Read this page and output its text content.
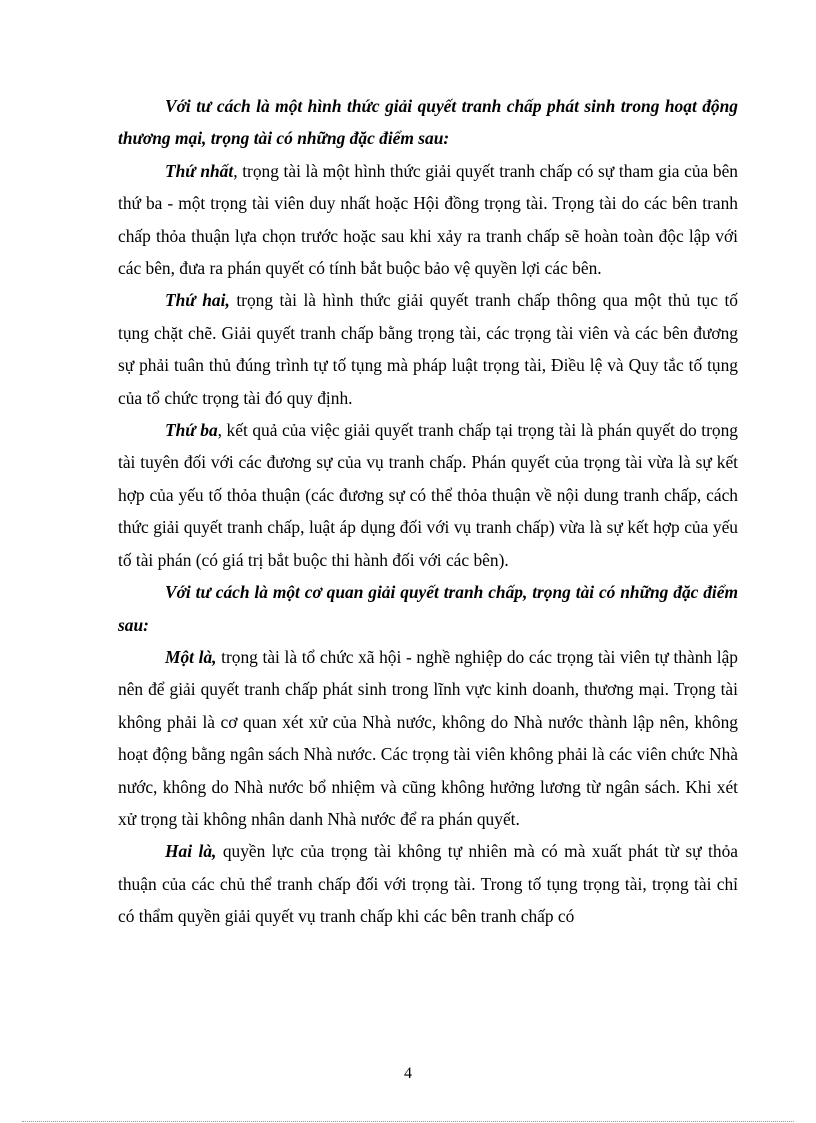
Với tư cách là một hình thức giải quyết tranh chấp phát sinh trong hoạt động thương mại, trọng tài có những đặc điểm sau:

Thứ nhất, trọng tài là một hình thức giải quyết tranh chấp có sự tham gia của bên thứ ba - một trọng tài viên duy nhất hoặc Hội đồng trọng tài. Trọng tài do các bên tranh chấp thỏa thuận lựa chọn trước hoặc sau khi xảy ra tranh chấp sẽ hoàn toàn độc lập với các bên, đưa ra phán quyết có tính bắt buộc bảo vệ quyền lợi các bên.

Thứ hai, trọng tài là hình thức giải quyết tranh chấp thông qua một thủ tục tố tụng chặt chẽ. Giải quyết tranh chấp bằng trọng tài, các trọng tài viên và các bên đương sự phải tuân thủ đúng trình tự tố tụng mà pháp luật trọng tài, Điều lệ và Quy tắc tố tụng của tổ chức trọng tài đó quy định.

Thứ ba, kết quả của việc giải quyết tranh chấp tại trọng tài là phán quyết do trọng tài tuyên đối với các đương sự của vụ tranh chấp. Phán quyết của trọng tài vừa là sự kết hợp của yếu tố thỏa thuận (các đương sự có thể thỏa thuận về nội dung tranh chấp, cách thức giải quyết tranh chấp, luật áp dụng đối với vụ tranh chấp) vừa là sự kết hợp của yếu tố tài phán (có giá trị bắt buộc thi hành đối với các bên).

Với tư cách là một cơ quan giải quyết tranh chấp, trọng tài có những đặc điểm sau:

Một là, trọng tài là tổ chức xã hội - nghề nghiệp do các trọng tài viên tự thành lập nên để giải quyết tranh chấp phát sinh trong lĩnh vực kinh doanh, thương mại. Trọng tài không phải là cơ quan xét xử của Nhà nước, không do Nhà nước thành lập nên, không hoạt động bằng ngân sách Nhà nước. Các trọng tài viên không phải là các viên chức Nhà nước, không do Nhà nước bổ nhiệm và cũng không hưởng lương từ ngân sách. Khi xét xử trọng tài không nhân danh Nhà nước để ra phán quyết.

Hai là, quyền lực của trọng tài không tự nhiên mà có mà xuất phát từ sự thỏa thuận của các chủ thể tranh chấp đối với trọng tài. Trong tố tụng trọng tài, trọng tài chỉ có thẩm quyền giải quyết vụ tranh chấp khi các bên tranh chấp có

4
